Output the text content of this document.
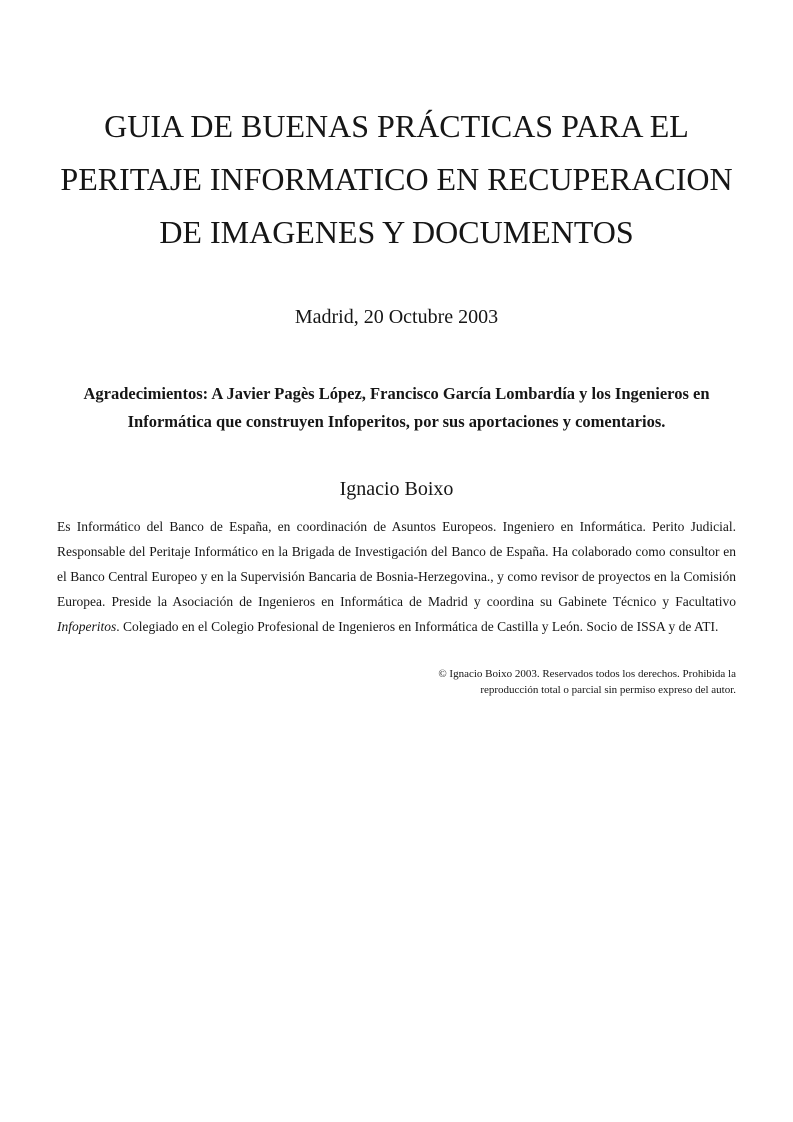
GUIA DE BUENAS PRÁCTICAS PARA EL
PERITAJE INFORMATICO EN RECUPERACION
DE IMAGENES Y DOCUMENTOS
Madrid, 20 Octubre 2003
Agradecimientos: A Javier Pagès López, Francisco García Lombardía y los Ingenieros en
Informática que construyen Infoperitos, por sus aportaciones y comentarios.
Ignacio Boixo

Es Informático del Banco de España, en coordinación de Asuntos Europeos. Ingeniero en Informática. Perito Judicial. Responsable del Peritaje Informático en la Brigada de Investigación del Banco de España. Ha colaborado como consultor en el Banco Central Europeo y en la Supervisión Bancaria de Bosnia-Herzegovina., y como revisor de proyectos en la Comisión Europea. Preside la Asociación de Ingenieros en Informática de Madrid y coordina su Gabinete Técnico y Facultativo Infoperitos. Colegiado en el Colegio Profesional de Ingenieros en Informática de Castilla y León. Socio de ISSA y de ATI.

© Ignacio Boixo 2003. Reservados todos los derechos. Prohibida la
reproducción total o parcial sin permiso expreso del autor.
